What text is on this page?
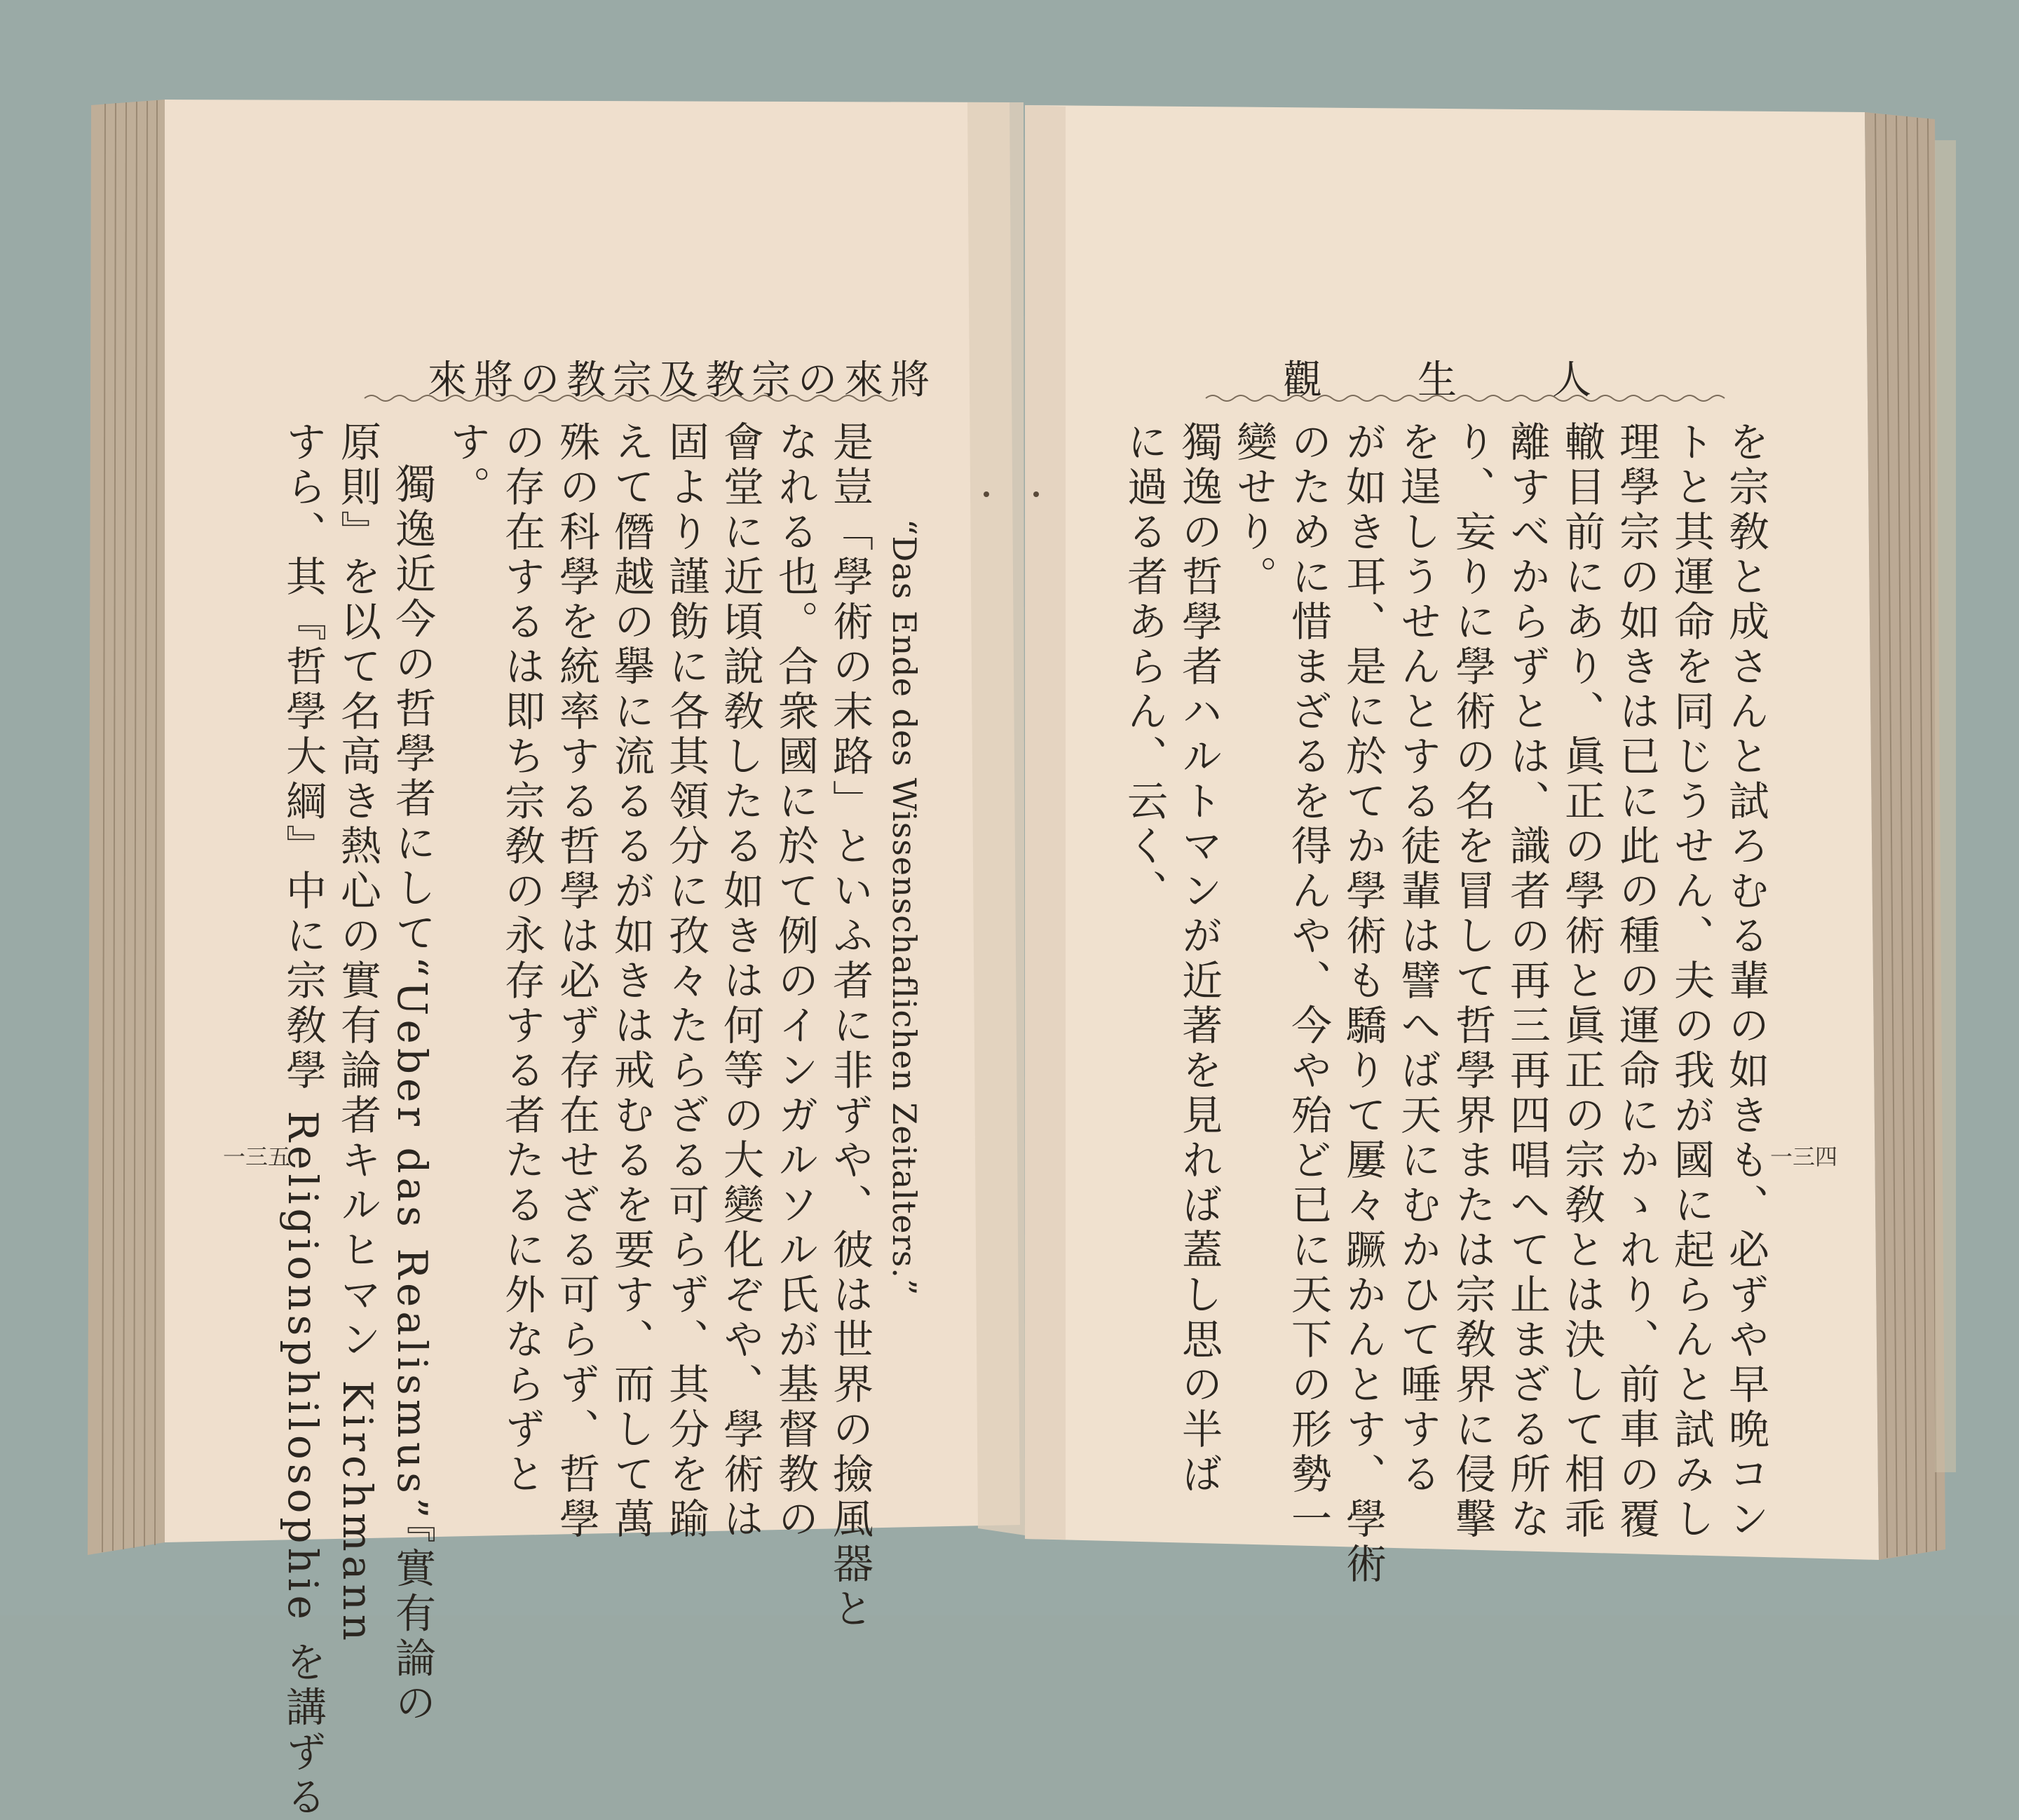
來將の教宗及教宗の來將	觀　生　人
“Das Ende des Wissenschaflichen Zeitalters.”
是豈「學術の末路」といふ者に非ずや、彼は世界の撿風器と
なれる也。合衆國に於て例のインガルソル氏が基督教の
會堂に近頃說敎したる如きは何等の大變化ぞや、學術は
固より謹飭に各其領分に孜々たらざる可らず、其分を踰
えて僭越の擧に流るるが如きは戒むるを要す、而して萬
殊の科學を統率する哲學は必ず存在せざる可らず、哲學
の存在するは即ち宗敎の永存する者たるに外ならずと
す。
獨逸近今の哲學者にして“Ueber das Realismus”『實有論の
原則』を以て名高き熱心の實有論者キルヒマン Kirchmann
すら、其『哲學大綱』中に宗敎學 Religionsphilosophie を講ずる
一三五	を宗敎と成さんと試ろむる輩の如きも、必ずや早晩コン
トと其運命を同じうせん、夫の我が國に起らんと試みし
理學宗の如きは已に此の種の運命にかゝれり、前車の覆
轍目前にあり、眞正の學術と眞正の宗敎とは決して相乖
離すべからずとは、識者の再三再四唱へて止まざる所な
り、妄りに學術の名を冒して哲學界または宗敎界に侵擊
を逞しうせんとする徒輩は譬へば天にむかひて唾する
が如き耳、是に於てか學術も驕りて屢々蹶かんとす、學術
のために惜まざるを得んや、今や殆ど已に天下の形勢一
變せり。
獨逸の哲學者ハルトマンが近著を見れば蓋し思の半ば
に過る者あらん、云く、
一三四
